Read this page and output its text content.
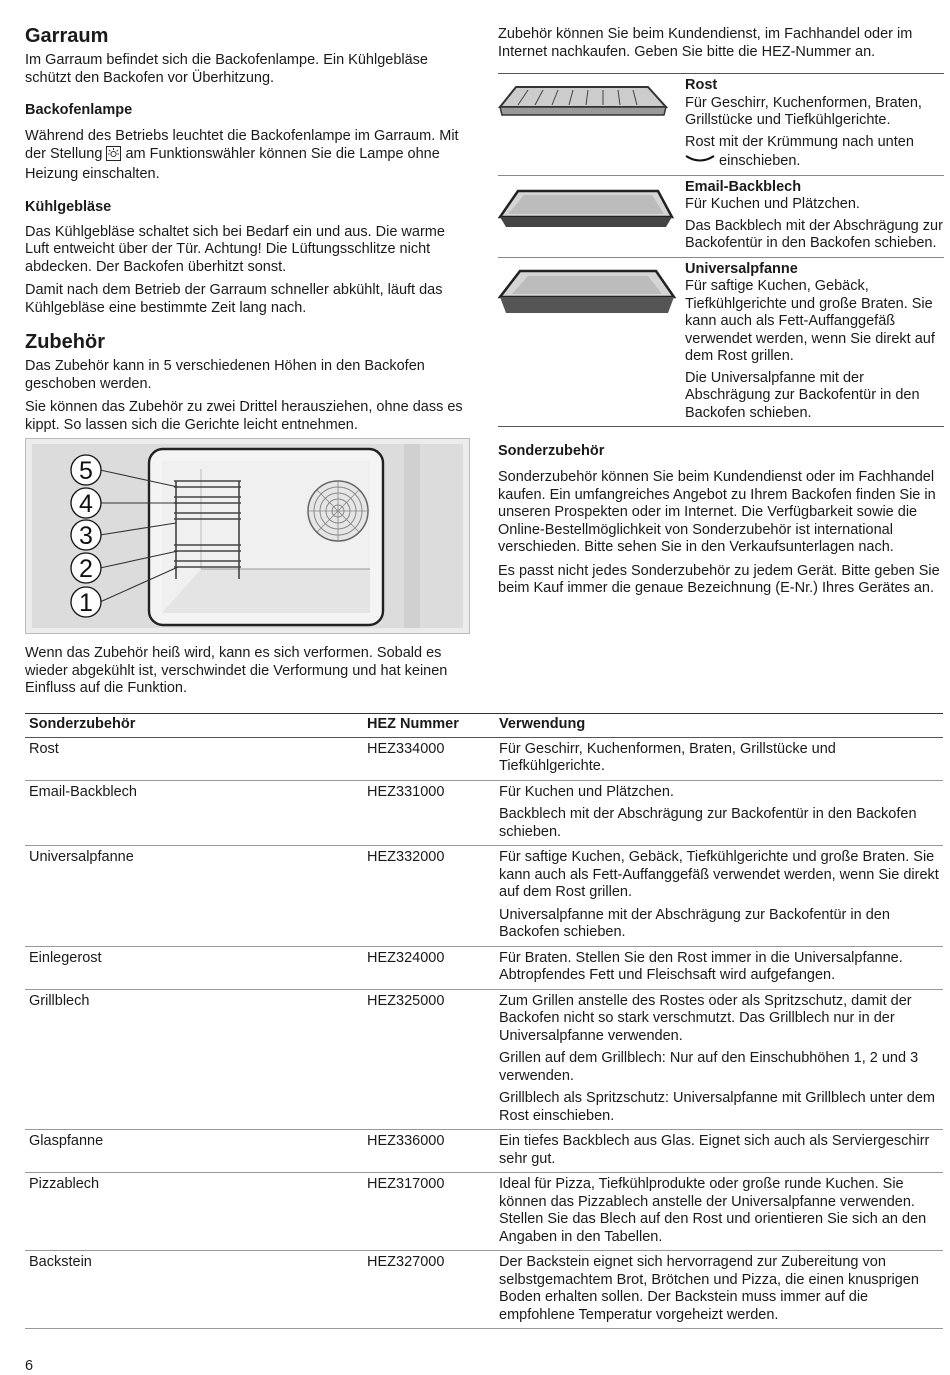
Garraum

Im Garraum befindet sich die Backofenlampe. Ein Kühlgebläse schützt den Backofen vor Überhitzung.

Backofenlampe

Während des Betriebs leuchtet die Backofenlampe im Garraum. Mit der Stellung am Funktionswähler können Sie die Lampe ohne Heizung einschalten.

Kühlgebläse

Das Kühlgebläse schaltet sich bei Bedarf ein und aus. Die warme Luft entweicht über der Tür. Achtung! Die Lüftungsschlitze nicht abdecken. Der Backofen überhitzt sonst.

Damit nach dem Betrieb der Garraum schneller abkühlt, läuft das Kühlgebläse eine bestimmte Zeit lang nach.

Zubehör

Das Zubehör kann in 5 verschiedenen Höhen in den Backofen geschoben werden.

Sie können das Zubehör zu zwei Drittel herausziehen, ohne dass es kippt. So lassen sich die Gerichte leicht entnehmen.

5
4
3
2
1

Wenn das Zubehör heiß wird, kann es sich verformen. Sobald es wieder abgekühlt ist, verschwindet die Verformung und hat keinen Einfluss auf die Funktion.

Zubehör können Sie beim Kundendienst, im Fachhandel oder im Internet nachkaufen. Geben Sie bitte die HEZ-Nummer an.

Rost

Für Geschirr, Kuchenformen, Braten, Grillstücke und Tiefkühlgerichte.

Rost mit der Krümmung nach unten
einschieben.

Email-Backblech

Für Kuchen und Plätzchen.

Das Backblech mit der Abschrägung zur Backofentür in den Backofen schieben.

Universalpfanne

Für saftige Kuchen, Gebäck, Tiefkühlgerichte und große Braten. Sie kann auch als Fett-Auffanggefäß verwendet werden, wenn Sie direkt auf dem Rost grillen.

Die Universalpfanne mit der Abschrägung zur Backofentür in den Backofen schieben.

Sonderzubehör

Sonderzubehör können Sie beim Kundendienst oder im Fachhandel kaufen. Ein umfangreiches Angebot zu Ihrem Backofen finden Sie in unseren Prospekten oder im Internet. Die Verfügbarkeit sowie die Online-Bestellmöglichkeit von Sonderzubehör ist international verschieden. Bitte sehen Sie in den Verkaufsunterlagen nach.

Es passt nicht jedes Sonderzubehör zu jedem Gerät. Bitte geben Sie beim Kauf immer die genaue Bezeichnung (E-Nr.) Ihres Gerätes an.

Sonderzubehör	HEZ Nummer	Verwendung

Rost	HEZ334000	Für Geschirr, Kuchenformen, Braten, Grillstücke und Tiefkühlgerichte.

Email-Backblech	HEZ331000	Für Kuchen und Plätzchen.

Backblech mit der Abschrägung zur Backofentür in den Backofen schieben.

Universalpfanne	HEZ332000	Für saftige Kuchen, Gebäck, Tiefkühlgerichte und große Braten. Sie kann auch als Fett-Auffanggefäß verwendet werden, wenn Sie direkt auf dem Rost grillen.

Universalpfanne mit der Abschrägung zur Backofentür in den Backofen schieben.

Einlegerost	HEZ324000	Für Braten. Stellen Sie den Rost immer in die Universalpfanne. Abtropfendes Fett und Fleischsaft wird aufgefangen.

Grillblech	HEZ325000	Zum Grillen anstelle des Rostes oder als Spritzschutz, damit der Backofen nicht so stark verschmutzt. Das Grillblech nur in der Universalpfanne verwenden.

Grillen auf dem Grillblech: Nur auf den Einschubhöhen 1, 2 und 3 verwenden.

Grillblech als Spritzschutz: Universalpfanne mit Grillblech unter dem Rost einschieben.

Glaspfanne	HEZ336000	Ein tiefes Backblech aus Glas. Eignet sich auch als Serviergeschirr sehr gut.

Pizzablech	HEZ317000	Ideal für Pizza, Tiefkühlprodukte oder große runde Kuchen. Sie können das Pizzablech anstelle der Universalpfanne verwenden. Stellen Sie das Blech auf den Rost und orientieren Sie sich an den Angaben in den Tabellen.

Backstein	HEZ327000	Der Backstein eignet sich hervorragend zur Zubereitung von selbstgemachtem Brot, Brötchen und Pizza, die einen knusprigen Boden erhalten sollen. Der Backstein muss immer auf die empfohlene Temperatur vorgeheizt werden.

6
